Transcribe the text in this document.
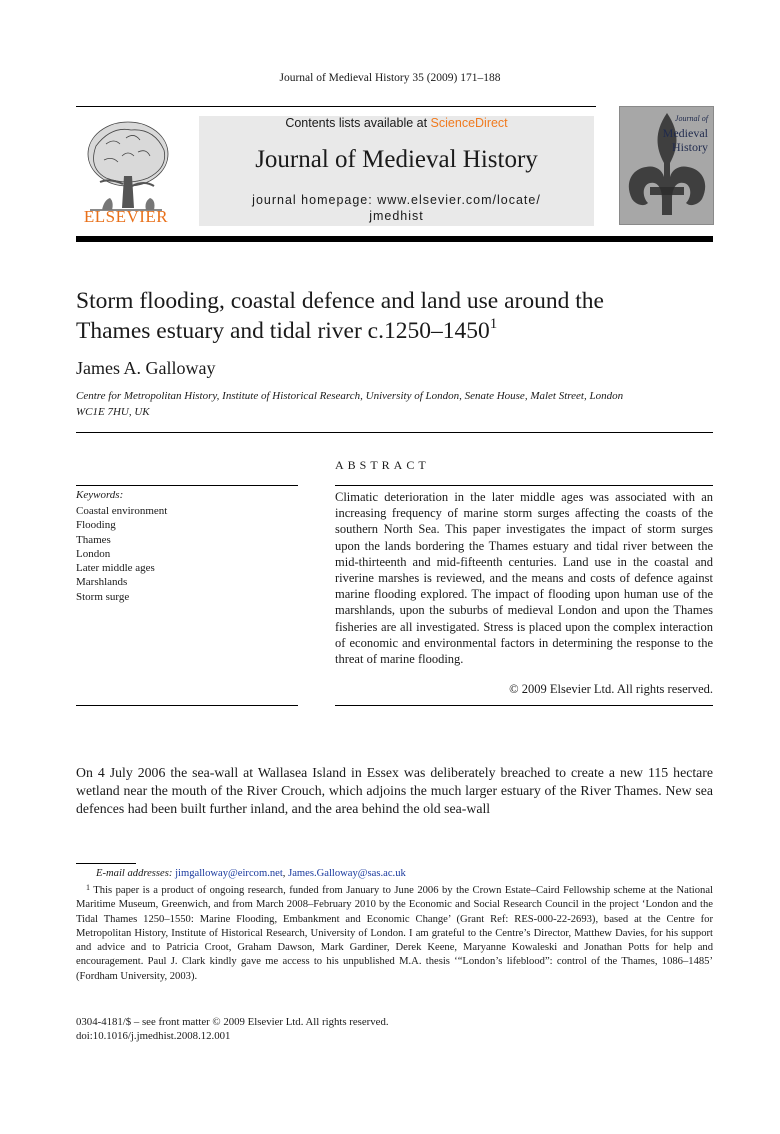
Journal of Medieval History 35 (2009) 171–188
ELSEVIER
Contents lists available at ScienceDirect
Journal of Medieval History
journal homepage: www.elsevier.com/locate/
jmedhist
Journal of
Medieval
History
Storm flooding, coastal defence and land use around the
Thames estuary and tidal river c.1250–1450$^1$
James A. Galloway
Centre for Metropolitan History, Institute of Historical Research, University of London, Senate House, Malet Street, London
WC1E 7HU, UK
ABSTRACT
Keywords:
Coastal environment
Flooding
Thames
London
Later middle ages
Marshlands
Storm surge
Climatic deterioration in the later middle ages was associated with an increasing frequency of marine storm surges affecting the coasts of the southern North Sea. This paper investigates the impact of storm surges upon the lands bordering the Thames estuary and tidal river between the mid-thirteenth and mid-fifteenth centuries. Land use in the coastal and riverine marshes is reviewed, and the means and costs of defence against marine flooding explored. The impact of flooding upon human use of the marshlands, upon the suburbs of medieval London and upon the Thames fisheries are all investigated. Stress is placed upon the complex interaction of economic and environmental factors in determining the response to the threat of marine flooding.
© 2009 Elsevier Ltd. All rights reserved.
On 4 July 2006 the sea-wall at Wallasea Island in Essex was deliberately breached to create a new 115 hectare wetland near the mouth of the River Crouch, which adjoins the much larger estuary of the River Thames. New sea defences had been built further inland, and the area behind the old sea-wall
E-mail addresses: jimgalloway@eircom.net, James.Galloway@sas.ac.uk
$^1$ This paper is a product of ongoing research, funded from January to June 2006 by the Crown Estate–Caird Fellowship scheme at the National Maritime Museum, Greenwich, and from March 2008–February 2010 by the Economic and Social Research Council in the project ‘London and the Tidal Thames 1250–1550: Marine Flooding, Embankment and Economic Change’ (Grant Ref: RES-000-22-2693), based at the Centre for Metropolitan History, Institute of Historical Research, University of London. I am grateful to the Centre’s Director, Matthew Davies, for his support and advice and to Patricia Croot, Graham Dawson, Mark Gardiner, Derek Keene, Maryanne Kowaleski and Jonathan Potts for help and encouragement. Paul J. Clark kindly gave me access to his unpublished M.A. thesis ‘“London’s lifeblood”: control of the Thames, 1086–1485’ (Fordham University, 2003).
0304-4181/$ – see front matter © 2009 Elsevier Ltd. All rights reserved.
doi:10.1016/j.jmedhist.2008.12.001
